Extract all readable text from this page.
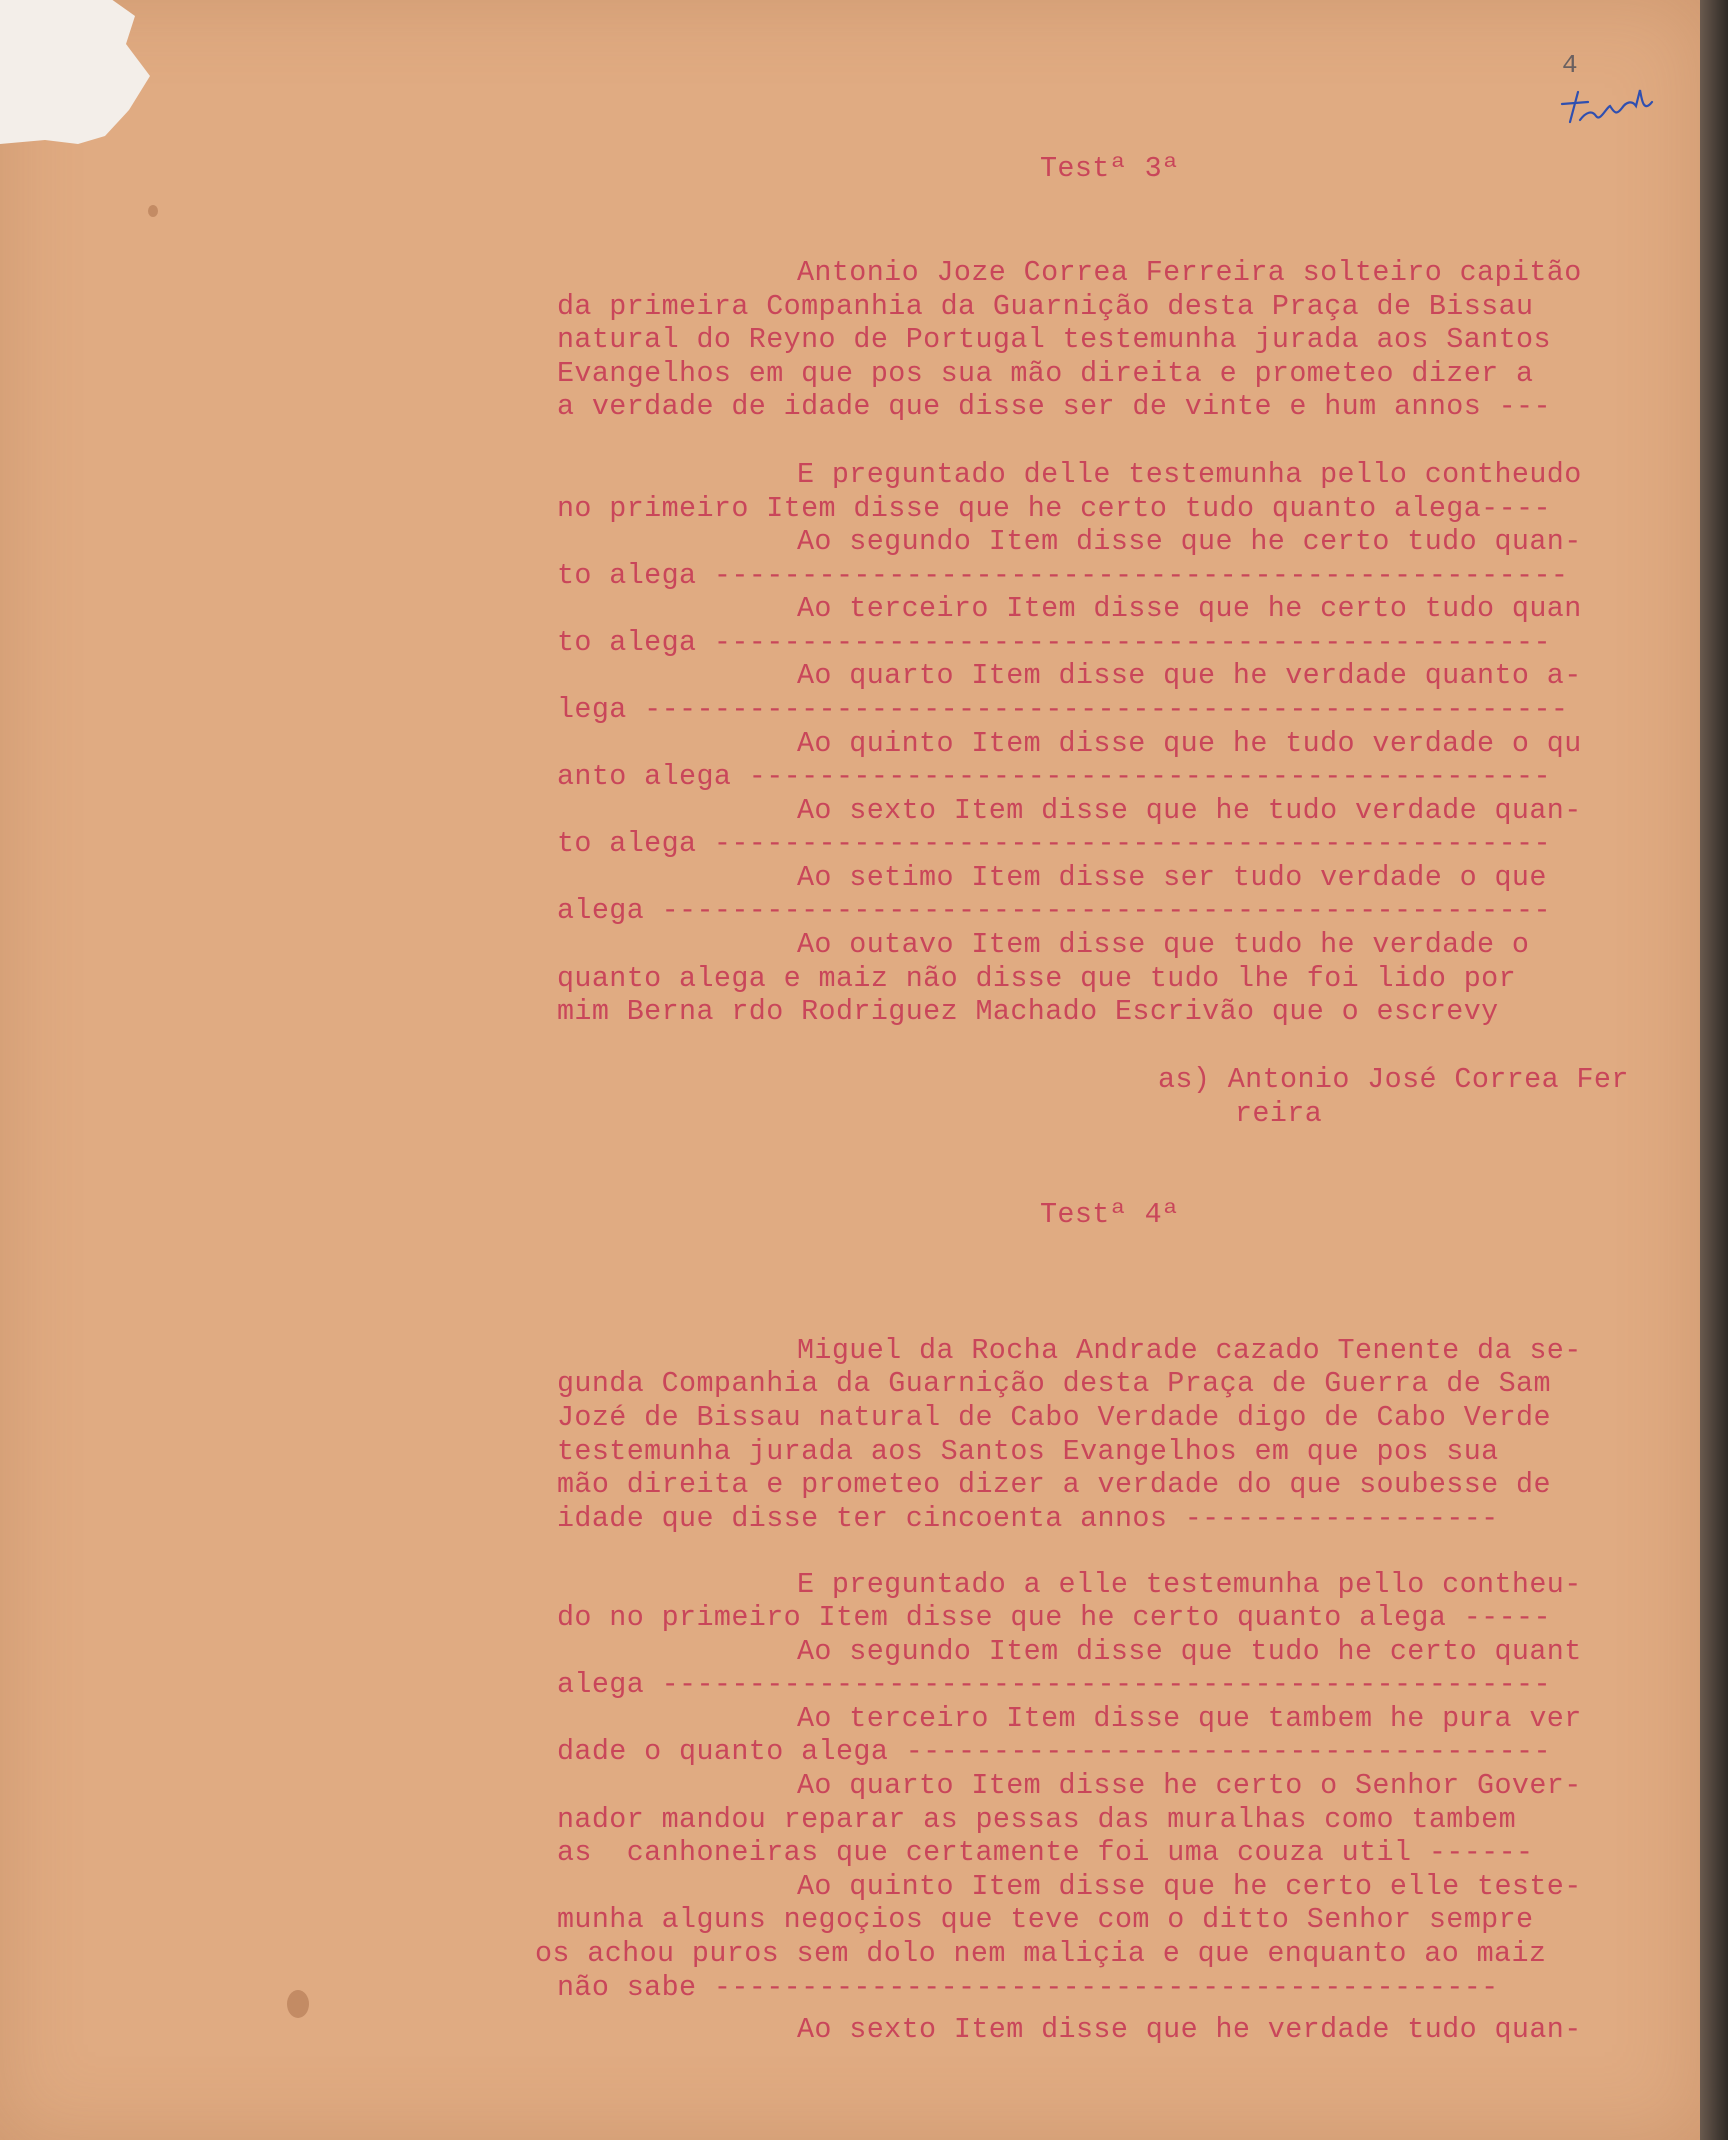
4
Testª 3ª
Antonio Joze Correa Ferreira solteiro capitão
da primeira Companhia da Guarnição desta Praça de Bissau
natural do Reyno de Portugal testemunha jurada aos Santos
Evangelhos em que pos sua mão direita e prometeo dizer a
a verdade de idade que disse ser de vinte e hum annos ---
E preguntado delle testemunha pello contheudo
no primeiro Item disse que he certo tudo quanto alega----
Ao segundo Item disse que he certo tudo quan-
to alega -------------------------------------------------
Ao terceiro Item disse que he certo tudo quan
to alega ------------------------------------------------
Ao quarto Item disse que he verdade quanto a-
lega -----------------------------------------------------
Ao quinto Item disse que he tudo verdade o qu
anto alega ----------------------------------------------
Ao sexto Item disse que he tudo verdade quan-
to alega ------------------------------------------------
Ao setimo Item disse ser tudo verdade o que
alega ---------------------------------------------------
Ao outavo Item disse que tudo he verdade o
quanto alega e maiz não disse que tudo lhe foi lido por
mim Berna rdo Rodriguez Machado Escrivão que o escrevy
as) Antonio José Correa Fer
reira
Testª 4ª
Miguel da Rocha Andrade cazado Tenente da se-
gunda Companhia da Guarnição desta Praça de Guerra de Sam
Jozé de Bissau natural de Cabo Verdade digo de Cabo Verde
testemunha jurada aos Santos Evangelhos em que pos sua
mão direita e prometeo dizer a verdade do que soubesse de
idade que disse ter cincoenta annos ------------------
E preguntado a elle testemunha pello contheu-
do no primeiro Item disse que he certo quanto alega -----
Ao segundo Item disse que tudo he certo quant
alega ---------------------------------------------------
Ao terceiro Item disse que tambem he pura ver
dade o quanto alega -------------------------------------
Ao quarto Item disse he certo o Senhor Gover-
nador mandou reparar as pessas das muralhas como tambem
as  canhoneiras que certamente foi uma couza util ------
Ao quinto Item disse que he certo elle teste-
munha alguns negoçios que teve com o ditto Senhor sempre
os achou puros sem dolo nem maliçia e que enquanto ao maiz
não sabe ---------------------------------------------
Ao sexto Item disse que he verdade tudo quan-
